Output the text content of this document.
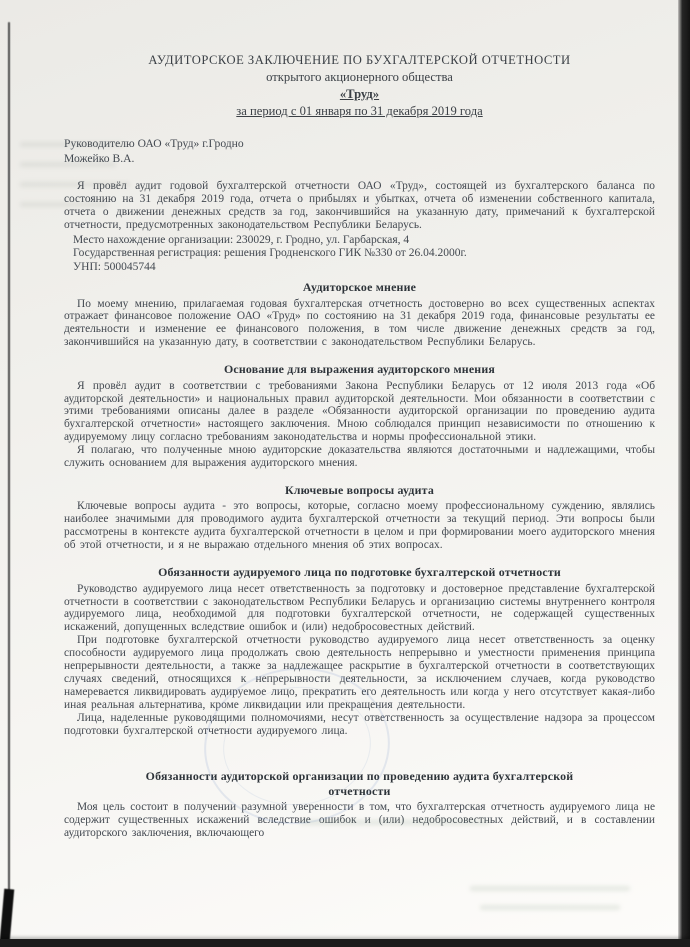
АУДИТОРСКОЕ ЗАКЛЮЧЕНИЕ ПО БУХГАЛТЕРСКОЙ ОТЧЕТНОСТИ
открытого акционерного общества
«Труд»
за период с 01 января по 31 декабря 2019 года
Руководителю ОАО «Труд» г.Гродно
Можейко В.А.

Я провёл аудит годовой бухгалтерской отчетности ОАО «Труд», состоящей из бухгалтерского баланса по состоянию на 31 декабря 2019 года, отчета о прибылях и убытках, отчета об изменении собственного капитала, отчета о движении денежных средств за год, закончившийся на указанную дату, примечаний к бухгалтерской отчетности, предусмотренных законодательством Республики Беларусь.

Место нахождение организации: 230029, г. Гродно, ул. Гарбарская, 4
Государственная регистрация: решения Гродненского ГИК №330 от 26.04.2000г.
УНП: 500045744
Аудиторское мнение

По моему мнению, прилагаемая годовая бухгалтерская отчетность достоверно во всех существенных аспектах отражает финансовое положение ОАО «Труд» по состоянию на 31 декабря 2019 года, финансовые результаты ее деятельности и изменение ее финансового положения, в том числе движение денежных средств за год, закончившийся на указанную дату, в соответствии с законодательством Республики Беларусь.

Основание для выражения аудиторского мнения

Я провёл аудит в соответствии с требованиями Закона Республики Беларусь от 12 июля 2013 года «Об аудиторской деятельности» и национальных правил аудиторской деятельности. Мои обязанности в соответствии с этими требованиями описаны далее в разделе «Обязанности аудиторской организации по проведению аудита бухгалтерской отчетности» настоящего заключения. Мною соблюдался принцип независимости по отношению к аудируемому лицу согласно требованиям законодательства и нормы профессиональной этики.

Я полагаю, что полученные мною аудиторские доказательства являются достаточными и надлежащими, чтобы служить основанием для выражения аудиторского мнения.

Ключевые вопросы аудита

Ключевые вопросы аудита - это вопросы, которые, согласно моему профессиональному суждению, являлись наиболее значимыми для проводимого аудита бухгалтерской отчетности за текущий период. Эти вопросы были рассмотрены в контексте аудита бухгалтерской отчетности в целом и при формировании моего аудиторского мнения об этой отчетности, и я не выражаю отдельного мнения об этих вопросах.

Обязанности аудируемого лица по подготовке бухгалтерской отчетности

Руководство аудируемого лица несет ответственность за подготовку и достоверное представление бухгалтерской отчетности в соответствии с законодательством Республики Беларусь и организацию системы внутреннего контроля аудируемого лица, необходимой для подготовки бухгалтерской отчетности, не содержащей существенных искажений, допущенных вследствие ошибок и (или) недобросовестных действий.

При подготовке бухгалтерской отчетности руководство аудируемого лица несет ответственность за оценку способности аудируемого лица продолжать свою деятельность непрерывно и уместности применения принципа непрерывности деятельности, а также за надлежащее раскрытие в бухгалтерской отчетности в соответствующих случаях сведений, относящихся к непрерывности деятельности, за исключением случаев, когда руководство намеревается ликвидировать аудируемое лицо, прекратить его деятельность или когда у него отсутствует какая-либо иная реальная альтернатива, кроме ликвидации или прекращения деятельности.

Лица, наделенные руководящими полномочиями, несут ответственность за осуществление надзора за процессом подготовки бухгалтерской отчетности аудируемого лица.

Обязанности аудиторской организации по проведению аудита бухгалтерской отчетности

Моя цель состоит в получении разумной уверенности в том, что бухгалтерская отчетность аудируемого лица не содержит существенных искажений вследствие ошибок и (или) недобросовестных действий, и в составлении аудиторского заключения, включающего
